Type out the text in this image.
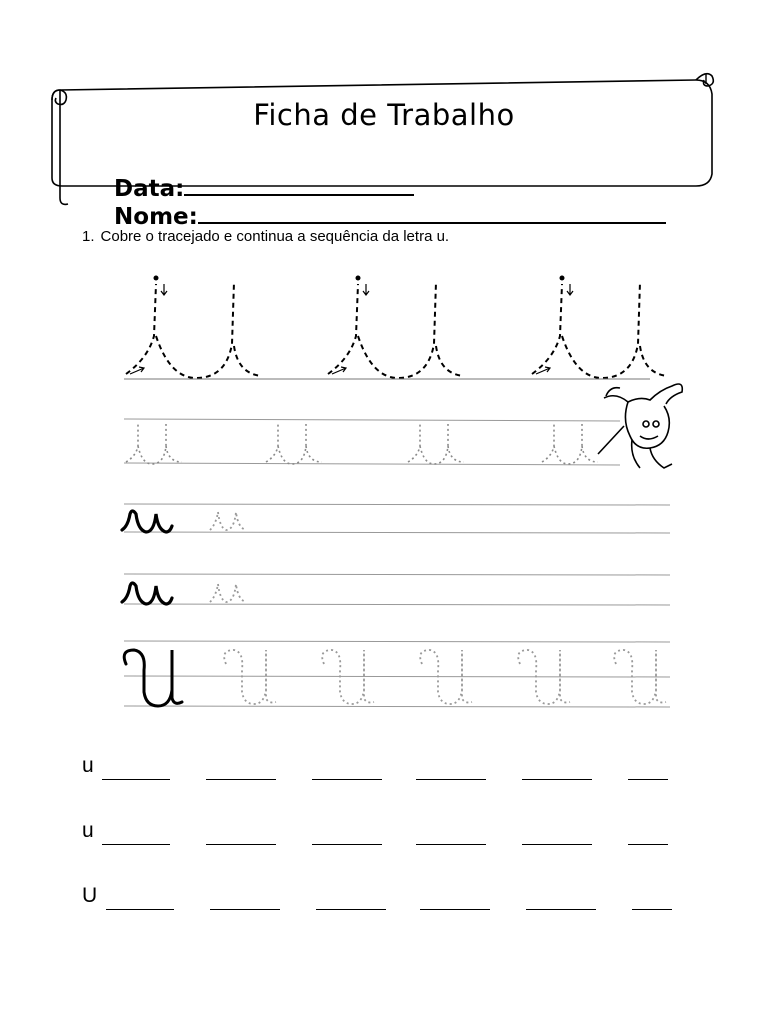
Ficha de Trabalho

Data:

Nome:

1. Cobre o tracejado e continua a sequência da letra u.
u
u
U
